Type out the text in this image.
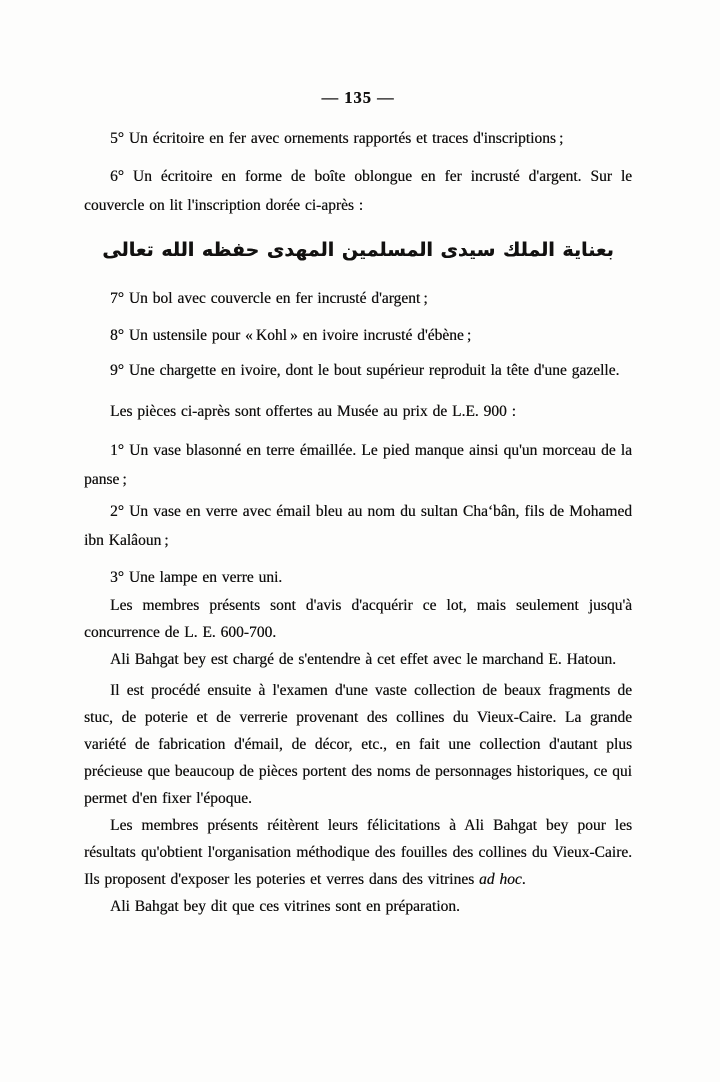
— 135 —

5° Un écritoire en fer avec ornements rapportés et traces d'inscriptions ;

6° Un écritoire en forme de boîte oblongue en fer incrusté d'argent. Sur le couvercle on lit l'inscription dorée ci-après :

بعناية الملك سيدى المسلمين المهدى حفظه الله تعالى

7° Un bol avec couvercle en fer incrusté d'argent ;

8° Un ustensile pour « Kohl » en ivoire incrusté d'ébène ;

9° Une chargette en ivoire, dont le bout supérieur reproduit la tête d'une gazelle.

Les pièces ci-après sont offertes au Musée au prix de L.E. 900 :

1° Un vase blasonné en terre émaillée. Le pied manque ainsi qu'un morceau de la panse ;

2° Un vase en verre avec émail bleu au nom du sultan Chaʻbân, fils de Mohamed ibn Kalâoun ;

3° Une lampe en verre uni.

Les membres présents sont d'avis d'acquérir ce lot, mais seulement jusqu'à concurrence de L. E. 600-700.

Ali Bahgat bey est chargé de s'entendre à cet effet avec le marchand E. Hatoun.

Il est procédé ensuite à l'examen d'une vaste collection de beaux fragments de stuc, de poterie et de verrerie provenant des collines du Vieux-Caire. La grande variété de fabrication d'émail, de décor, etc., en fait une collection d'autant plus précieuse que beaucoup de pièces portent des noms de personnages historiques, ce qui permet d'en fixer l'époque.

Les membres présents réitèrent leurs félicitations à Ali Bahgat bey pour les résultats qu'obtient l'organisation méthodique des fouilles des collines du Vieux-Caire. Ils proposent d'exposer les poteries et verres dans des vitrines ad hoc.

Ali Bahgat bey dit que ces vitrines sont en préparation.
